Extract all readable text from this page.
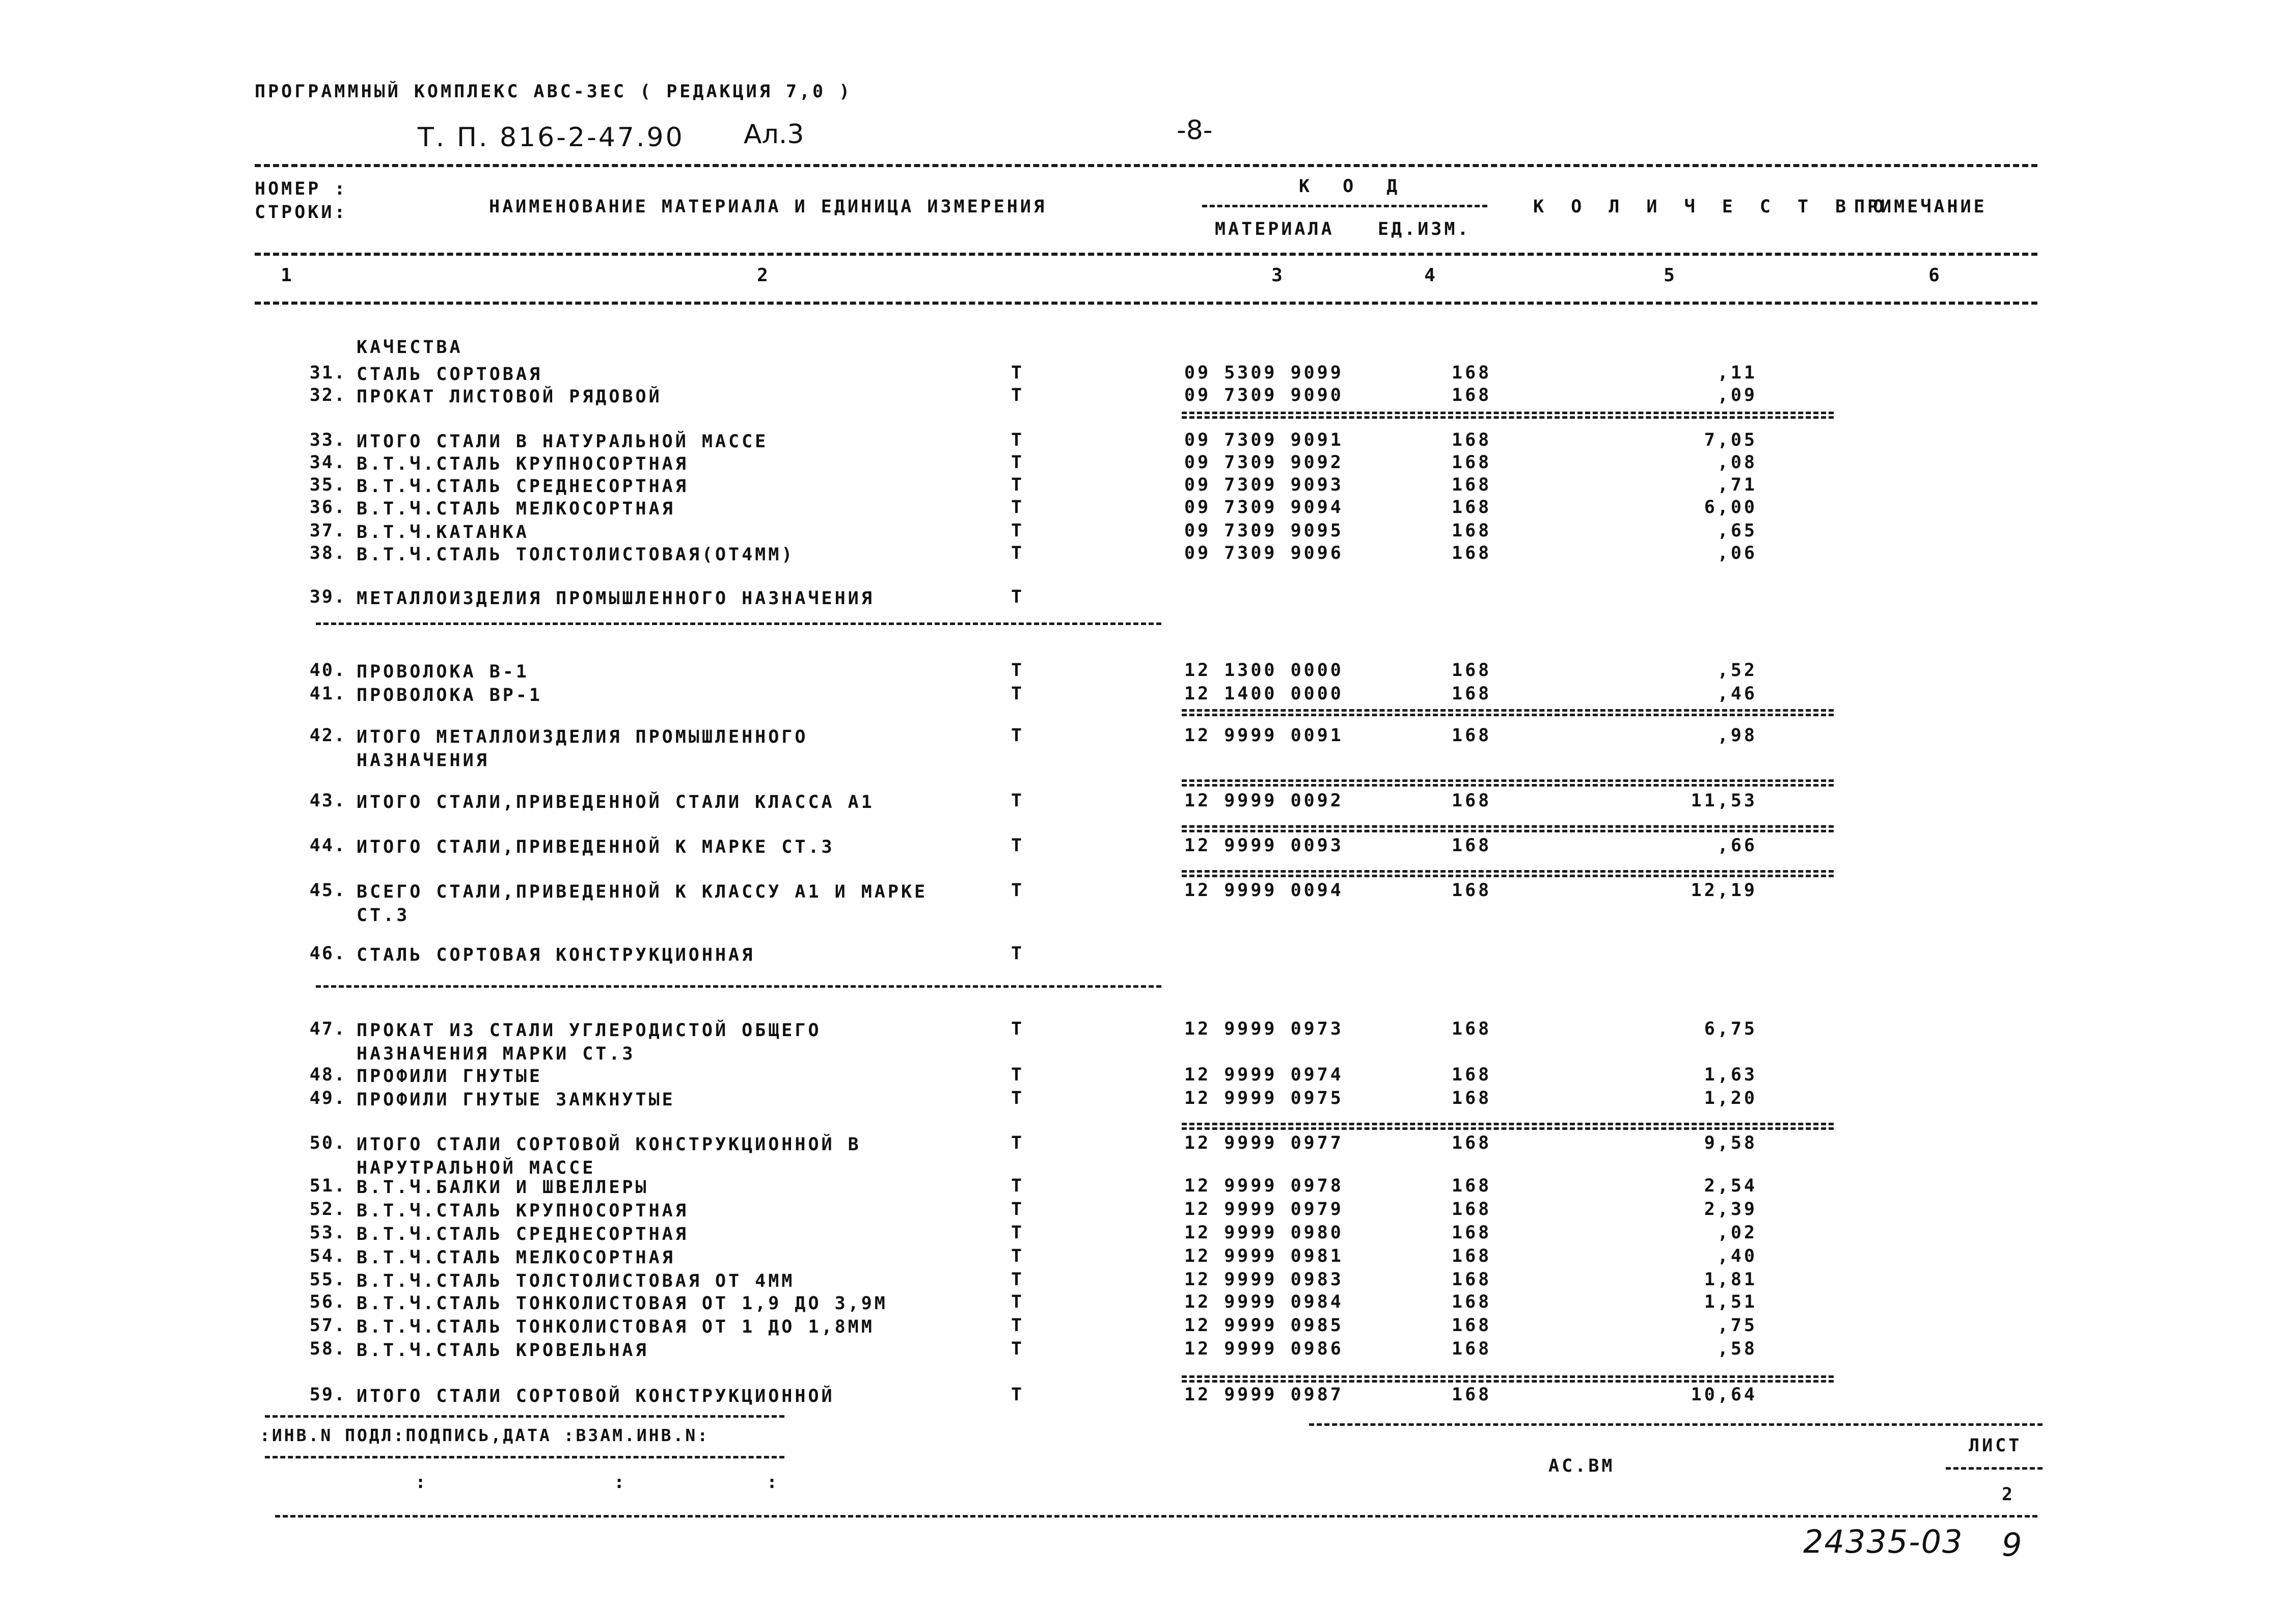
ПРОГРАММНЫЙ КОМПЛЕКС АВС-3ЕС ( РЕДАКЦИЯ 7,0 )
Т. П. 816-2-47.90 Ал.3	-8-
НОМЕР : СТРОКИ:	НАИМЕНОВАНИЕ МАТЕРИАЛА И ЕДИНИЦА ИЗМЕРЕНИЯ
К О Д
МАТЕРИАЛА ЕД.ИЗМ.
К О Л И Ч Е С Т В О
ПРИМЕЧАНИЕ
1	2	3	4	5	6
КАЧЕСТВА
31. СТАЛЬ СОРТОВАЯ	Т	09 5309 9099	168	,11
32. ПРОКАТ ЛИСТОВОЙ РЯДОВОЙ	Т	09 7309 9090	168	,09
33. ИТОГО СТАЛИ В НАТУРАЛЬНОЙ МАССЕ	Т	09 7309 9091	168	7,05
34. В.Т.Ч.СТАЛЬ КРУПНОСОРТНАЯ	Т	09 7309 9092	168	,08
35. В.Т.Ч.СТАЛЬ СРЕДНЕСОРТНАЯ	Т	09 7309 9093	168	,71
36. В.Т.Ч.СТАЛЬ МЕЛКОСОРТНАЯ	Т	09 7309 9094	168	6,00
37. В.Т.Ч.КАТАНКА	Т	09 7309 9095	168	,65
38. В.Т.Ч.СТАЛЬ ТОЛСТОЛИСТОВАЯ(ОТ4ММ)	Т	09 7309 9096	168	,06
39. МЕТАЛЛОИЗДЕЛИЯ ПРОМЫШЛЕННОГО НАЗНАЧЕНИЯ	Т
40. ПРОВОЛОКА В-1	Т	12 1300 0000	168	,52
41. ПРОВОЛОКА ВР-1	Т	12 1400 0000	168	,46
42. ИТОГО МЕТАЛЛОИЗДЕЛИЯ ПРОМЫШЛЕННОГО
НАЗНАЧЕНИЯ
Т	12 9999 0091	168	,98
43. ИТОГО СТАЛИ,ПРИВЕДЕННОЙ СТАЛИ КЛАССА А1	Т	12 9999 0092	168	11,53
44. ИТОГО СТАЛИ,ПРИВЕДЕННОЙ К МАРКЕ СТ.3	Т	12 9999 0093	168	,66
45. ВСЕГО СТАЛИ,ПРИВЕДЕННОЙ К КЛАССУ А1 И МАРКЕ
СТ.3
Т	12 9999 0094	168	12,19
46. СТАЛЬ СОРТОВАЯ КОНСТРУКЦИОННАЯ	Т
47. ПРОКАТ ИЗ СТАЛИ УГЛЕРОДИСТОЙ ОБЩЕГО
НАЗНАЧЕНИЯ МАРКИ СТ.3
Т	12 9999 0973	168	6,75
48. ПРОФИЛИ ГНУТЫЕ	Т	12 9999 0974	168	1,63
49. ПРОФИЛИ ГНУТЫЕ ЗАМКНУТЫЕ	Т	12 9999 0975	168	1,20
50. ИТОГО СТАЛИ СОРТОВОЙ КОНСТРУКЦИОННОЙ В
НАРУТРАЛЬНОЙ МАССЕ
Т	12 9999 0977	168	9,58
51. В.Т.Ч.БАЛКИ И ШВЕЛЛЕРЫ	Т	12 9999 0978	168	2,54
52. В.Т.Ч.СТАЛЬ КРУПНОСОРТНАЯ	Т	12 9999 0979	168	2,39
53. В.Т.Ч.СТАЛЬ СРЕДНЕСОРТНАЯ	Т	12 9999 0980	168	,02
54. В.Т.Ч.СТАЛЬ МЕЛКОСОРТНАЯ	Т	12 9999 0981	168	,40
55. В.Т.Ч.СТАЛЬ ТОЛСТОЛИСТОВАЯ ОТ 4ММ	Т	12 9999 0983	168	1,81
56. В.Т.Ч.СТАЛЬ ТОНКОЛИСТОВАЯ ОТ 1,9 ДО 3,9М	Т	12 9999 0984	168	1,51
57. В.Т.Ч.СТАЛЬ ТОНКОЛИСТОВАЯ ОТ 1 ДО 1,8ММ	Т	12 9999 0985	168	,75
58. В.Т.Ч.СТАЛЬ КРОВЕЛЬНАЯ	Т	12 9999 0986	168	,58
59. ИТОГО СТАЛИ СОРТОВОЙ КОНСТРУКЦИОННОЙ	Т	12 9999 0987	168	10,64
:ИНВ.N ПОДЛ:ПОДПИСЬ,ДАТА :ВЗАМ.ИНВ.N:
:	:	:
АС.ВМ
ЛИСТ
2
24335-03 9
